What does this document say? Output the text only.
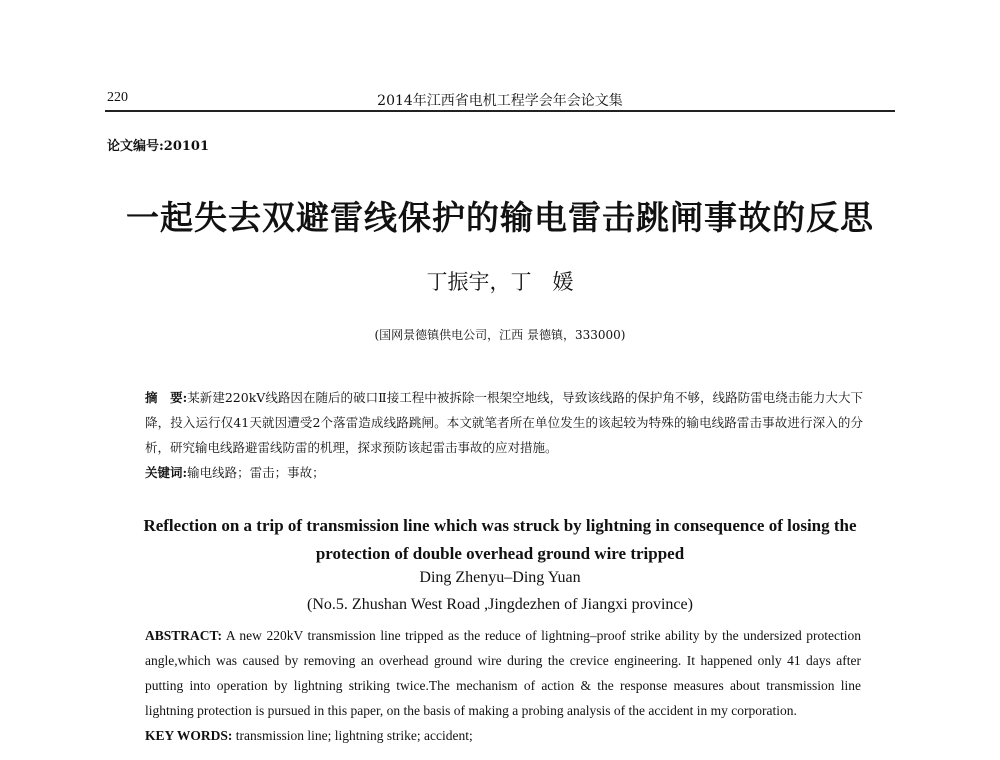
220	2014年江西省电机工程学会年会论文集
论文编号:20101
一起失去双避雷线保护的输电雷击跳闸事故的反思
丁振宇，丁　媛
(国网景德镇供电公司，江西 景德镇，333000)
摘　要:某新建220kV线路因在随后的破口Ⅱ接工程中被拆除一根架空地线，导致该线路的保护角不够，线路防雷电绕击能力大大下降，投入运行仅41天就因遭受2个落雷造成线路跳闸。本文就笔者所在单位发生的该起较为特殊的输电线路雷击事故进行深入的分析，研究输电线路避雷线防雷的机理，探求预防该起雷击事故的应对措施。
关键词:输电线路；雷击；事故；
Reflection on a trip of transmission line which was struck by lightning in consequence of losing the protection of double overhead ground wire tripped
Ding Zhenyu–Ding Yuan
(No.5. Zhushan West Road ,Jingdezhen of Jiangxi province)
ABSTRACT: A new 220kV transmission line tripped as the reduce of lightning–proof strike ability by the undersized protection angle,which was caused by removing an overhead ground wire during the crevice engineering. It happened only 41 days after putting into operation by lightning striking twice.The mechanism of action & the response measures about transmission line lightning protection is pursued in this paper, on the basis of making a probing analysis of the accident in my corporation.
KEY WORDS: transmission line; lightning strike; accident;
